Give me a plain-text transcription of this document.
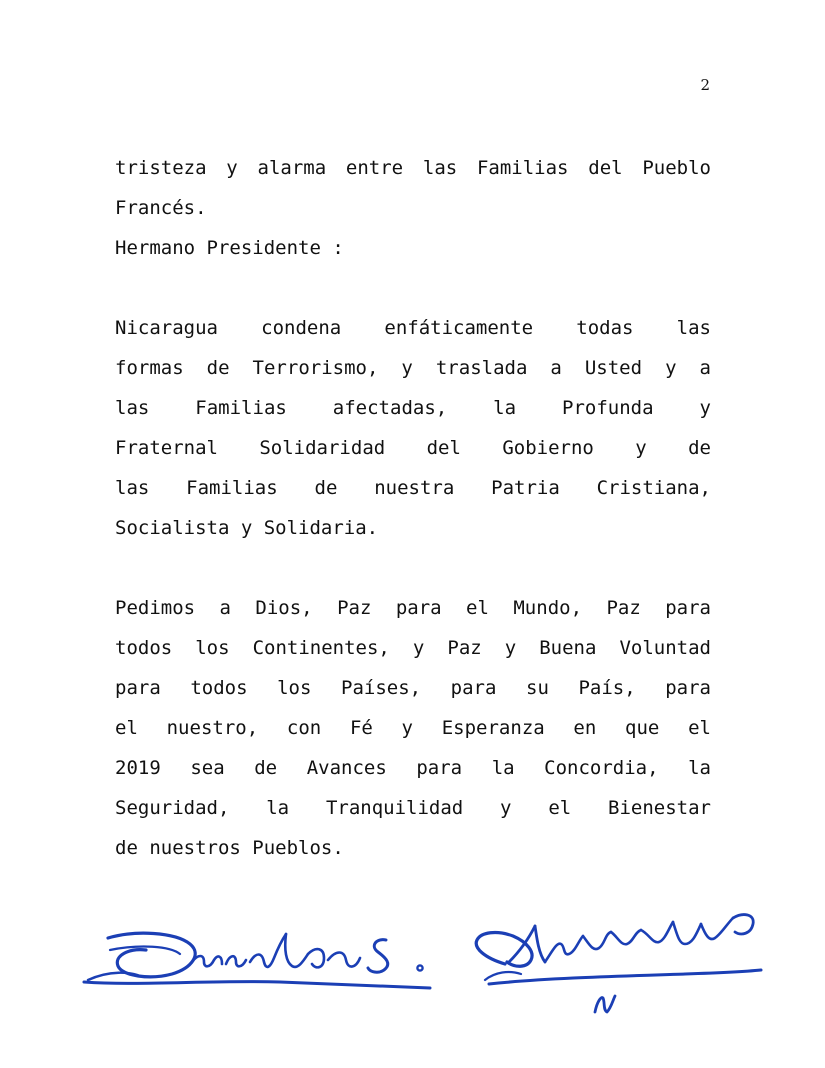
2
tristeza y alarma entre las Familias del Pueblo
Francés.
Hermano Presidente :
Nicaragua condena enfáticamente todas las
formas de Terrorismo, y traslada a Usted y a
las Familias afectadas, la Profunda y
Fraternal Solidaridad del Gobierno y de
las Familias de nuestra Patria Cristiana,
Socialista y Solidaria.
Pedimos a Dios, Paz para el Mundo, Paz para
todos los Continentes, y Paz y Buena Voluntad
para todos los Países, para su País, para
el nuestro, con Fé y Esperanza en que el
2019 sea de Avances para la Concordia, la
Seguridad, la Tranquilidad y el Bienestar
de nuestros Pueblos.
